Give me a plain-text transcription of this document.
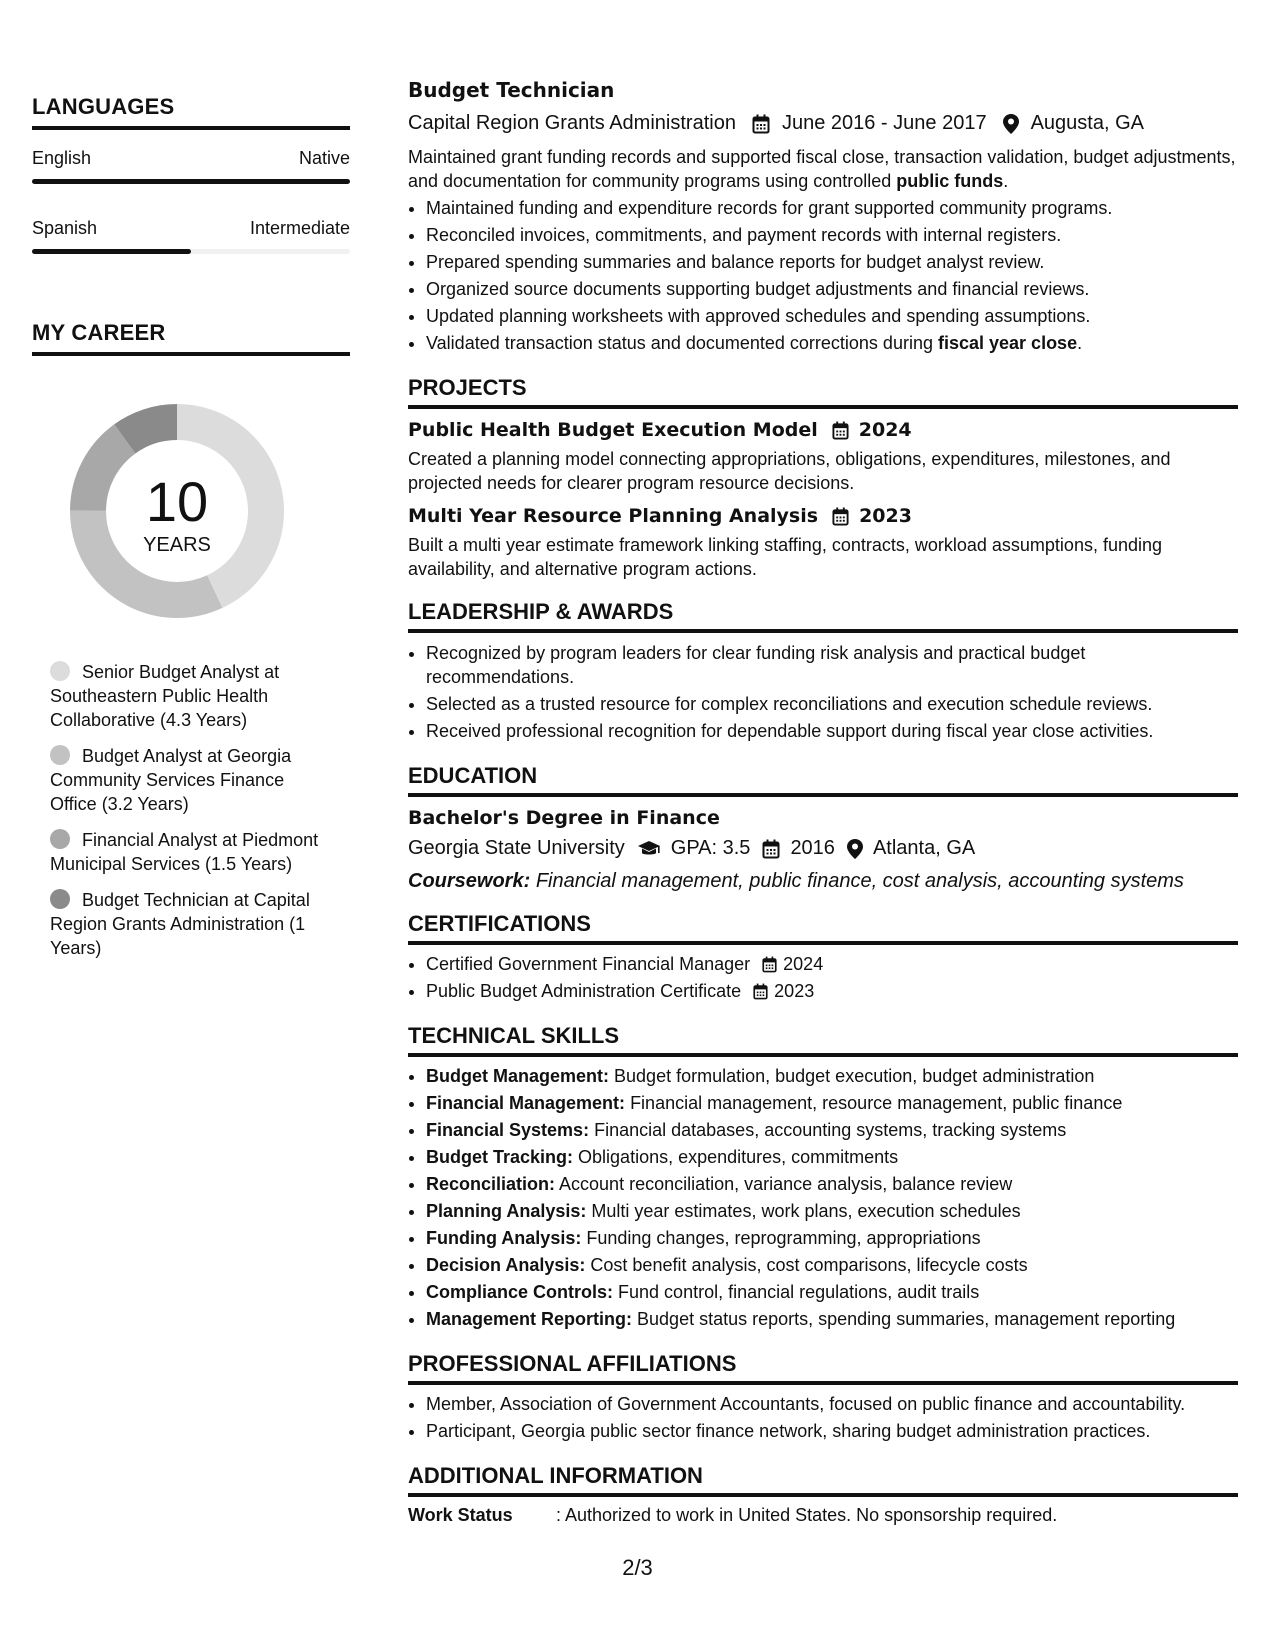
LANGUAGES
English	Native
Spanish	Intermediate
MY CAREER
10
YEARS
Senior Budget Analyst at Southeastern Public Health Collaborative (4.3 Years)
Budget Analyst at Georgia Community Services Finance Office (3.2 Years)
Financial Analyst at Piedmont Municipal Services (1.5 Years)
Budget Technician at Capital Region Grants Administration (1 Years)
Budget Technician
Capital Region Grants Administration June 2016 - June 2017 Augusta, GA

Maintained grant funding records and supported fiscal close, transaction validation, budget adjustments, and documentation for community programs using controlled public funds.

• Maintained funding and expenditure records for grant supported community programs.
• Reconciled invoices, commitments, and payment records with internal registers.
• Prepared spending summaries and balance reports for budget analyst review.
• Organized source documents supporting budget adjustments and financial reviews.
• Updated planning worksheets with approved schedules and spending assumptions.
• Validated transaction status and documented corrections during fiscal year close.
PROJECTS
Public Health Budget Execution Model 2024

Created a planning model connecting appropriations, obligations, expenditures, milestones, and projected needs for clearer program resource decisions.

Multi Year Resource Planning Analysis 2023

Built a multi year estimate framework linking staffing, contracts, workload assumptions, funding availability, and alternative program actions.

LEADERSHIP & AWARDS
• Recognized by program leaders for clear funding risk analysis and practical budget recommendations.
• Selected as a trusted resource for complex reconciliations and execution schedule reviews.
• Received professional recognition for dependable support during fiscal year close activities.
EDUCATION
Bachelor's Degree in Finance
Georgia State University GPA: 3.5 2016 Atlanta, GA
Coursework: Financial management, public finance, cost analysis, accounting systems
CERTIFICATIONS
• Certified Government Financial Manager 2024
• Public Budget Administration Certificate 2023
TECHNICAL SKILLS
• Budget Management: Budget formulation, budget execution, budget administration
• Financial Management: Financial management, resource management, public finance
• Financial Systems: Financial databases, accounting systems, tracking systems
• Budget Tracking: Obligations, expenditures, commitments
• Reconciliation: Account reconciliation, variance analysis, balance review
• Planning Analysis: Multi year estimates, work plans, execution schedules
• Funding Analysis: Funding changes, reprogramming, appropriations
• Decision Analysis: Cost benefit analysis, cost comparisons, lifecycle costs
• Compliance Controls: Fund control, financial regulations, audit trails
• Management Reporting: Budget status reports, spending summaries, management reporting
PROFESSIONAL AFFILIATIONS
• Member, Association of Government Accountants, focused on public finance and accountability.
• Participant, Georgia public sector finance network, sharing budget administration practices.
ADDITIONAL INFORMATION
Work Status	: Authorized to work in United States. No sponsorship required.
2/3
